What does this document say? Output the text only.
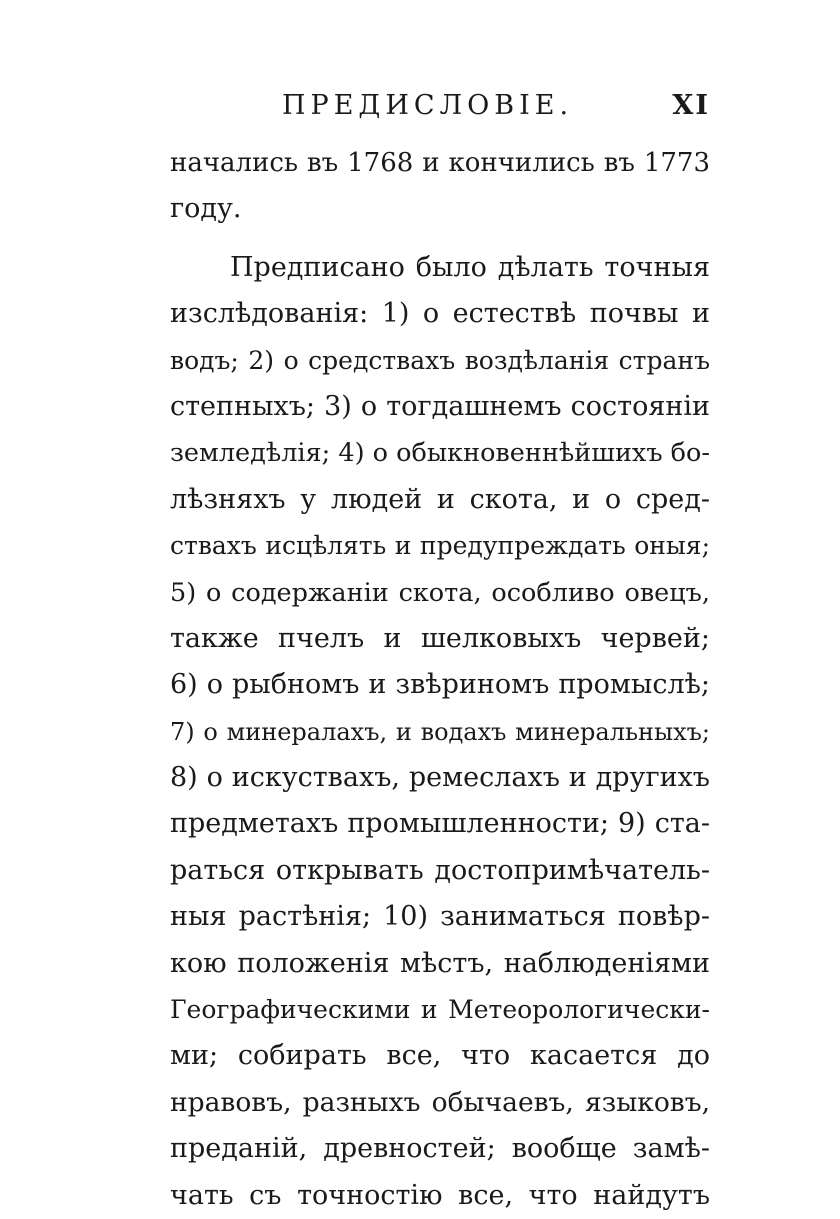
ПРЕДИСЛОВІЕ.	XI
начались въ 1768 и кончились въ 1773
году.
Предписано было дѣлать точныя
изслѣдованія: 1) о естествѣ почвы и
водъ; 2) о средствахъ воздѣланія странъ
степныхъ; 3) о тогдашнемъ состояніи
земледѣлія; 4) о обыкновеннѣйшихъ бо-
лѣзняхъ у людей и скота, и о сред-
ствахъ исцѣлять и предупреждать оныя;
5) о содержаніи скота, особливо овецъ,
также пчелъ и шелковыхъ червей;
6) о рыбномъ и звѣриномъ промыслѣ;
7) о минералахъ, и водахъ минеральныхъ;
8) о искуствахъ, ремеслахъ и другихъ
предметахъ промышленности; 9) ста-
раться открывать достопримѣчатель-
ныя растѣнія; 10) заниматься повѣр-
кою положенія мѣстъ, наблюденіями
Географическими и Метеорологически-
ми; собирать все, что касается до
нравовъ, разныхъ обычаевъ, языковъ,
преданій, древностей; вообще замѣ-
чать съ точностію все, что найдутъ
